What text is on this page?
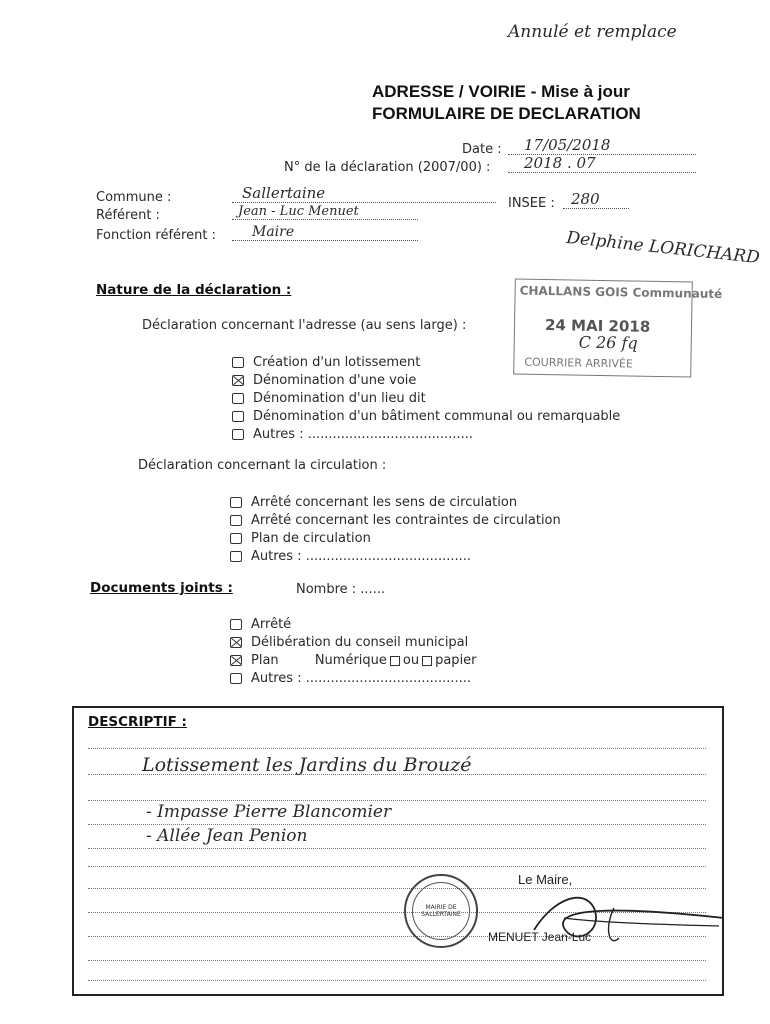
Annulé et remplace
ADRESSE / VOIRIE - Mise à jour
FORMULAIRE DE DECLARATION
Date :	17/05/2018
N° de la déclaration (2007/00) :	2018 . 07
Commune :	Sallertaine
INSEE :	280
Référent :	Jean - Luc Menuet
Fonction référent :	Maire	Delphine LORICHARD
CHALLANS GOIS Communauté
24 MAI 2018
C 26 fq
COURRIER ARRIVÉE
Nature de la déclaration :
Déclaration concernant l'adresse (au sens large) :
Création d'un lotissement
Dénomination d'une voie
Dénomination d'un lieu dit
Dénomination d'un bâtiment communal ou remarquable
Autres : ........................................
Déclaration concernant la circulation :
Arrêté concernant les sens de circulation
Arrêté concernant les contraintes de circulation
Plan de circulation
Autres : ........................................
Documents joints :	Nombre : ......
Arrêté
Délibération du conseil municipal
Plan	Numérique ou papier
Autres : ........................................
DESCRIPTIF :
Lotissement les Jardins du Brouzé
- Impasse Pierre Blancomier
- Allée Jean Penion
Le Maire,
MENUET Jean-Luc
MAIRIE DE SALLERTAINE
